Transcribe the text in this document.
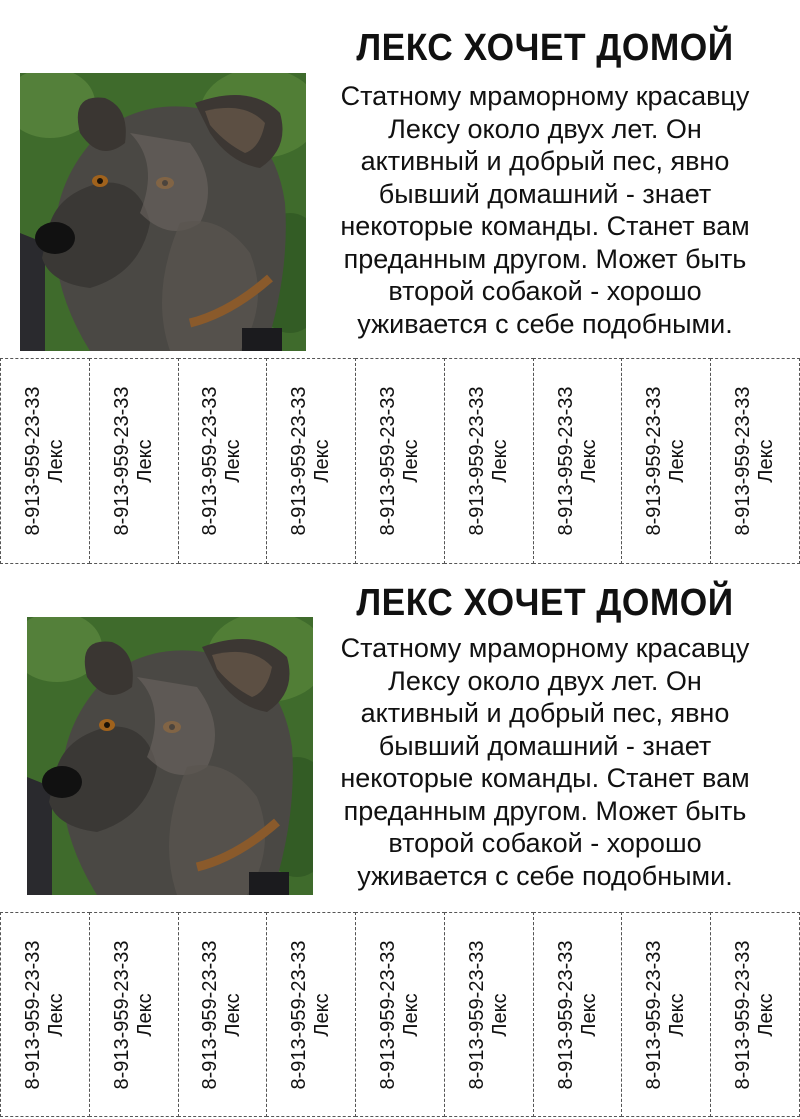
ЛЕКС ХОЧЕТ ДОМОЙ

Статному мраморному красавцу
Лексу около двух лет. Он
активный и добрый пес, явно
бывший домашний - знает
некоторые команды. Станет вам
преданным другом. Может быть
второй собакой - хорошо
уживается с себе подобными.

8-913-959-23-33 Лекс 8-913-959-23-33 Лекс 8-913-959-23-33 Лекс 8-913-959-23-33 Лекс 8-913-959-23-33 Лекс 8-913-959-23-33 Лекс 8-913-959-23-33 Лекс 8-913-959-23-33 Лекс 8-913-959-23-33 Лекс
ЛЕКС ХОЧЕТ ДОМОЙ

Статному мраморному красавцу
Лексу около двух лет. Он
активный и добрый пес, явно
бывший домашний - знает
некоторые команды. Станет вам
преданным другом. Может быть
второй собакой - хорошо
уживается с себе подобными.

8-913-959-23-33 Лекс 8-913-959-23-33 Лекс 8-913-959-23-33 Лекс 8-913-959-23-33 Лекс 8-913-959-23-33 Лекс 8-913-959-23-33 Лекс 8-913-959-23-33 Лекс 8-913-959-23-33 Лекс 8-913-959-23-33 Лекс
